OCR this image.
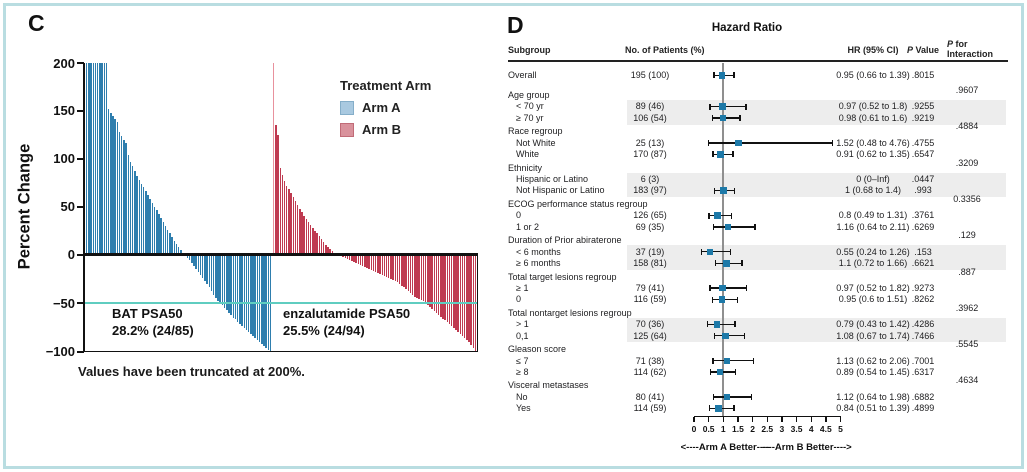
C
Percent Change
200
150
100
50
0
−50
−100
Treatment Arm
Arm A
Arm B
BAT PSA50
28.2% (24/85)
enzalutamide PSA50
25.5% (24/94)
Values have been truncated at 200%.
D	Hazard Ratio
Subgroup	No. of Patients (%)	HR (95% CI) P Value
P for
Interaction
Overall	195 (100)	0.95 (0.66 to 1.39) .8015
Age group	.9607
< 70 yr	89 (46)	0.97 (0.52 to 1.8) .9255
≥ 70 yr	106 (54)	0.98 (0.61 to 1.6) .9219
Race regroup	.4884
Not White	25 (13)	1.52 (0.48 to 4.76) .4755
White	170 (87)	0.91 (0.62 to 1.35) .6547
Ethnicity	.3209
Hispanic or Latino	6 (3)	0 (0–Inf)	.0447
Not Hispanic or Latino	183 (97)	1 (0.68 to 1.4)	.993
ECOG performance status regroup	0.3356
0	126 (65)	0.8 (0.49 to 1.31) .3761
1 or 2	69 (35)	1.16 (0.64 to 2.11) .6269
Duration of Prior abiraterone	.129
< 6 months	37 (19)	0.55 (0.24 to 1.26) .153
≥ 6 months	158 (81)	1.1 (0.72 to 1.66) .6621
Total target lesions regroup	.887
≥ 1	79 (41)	0.97 (0.52 to 1.82) .9273
0	116 (59)	0.95 (0.6 to 1.51) .8262
Total nontarget lesions regroup	.3962
> 1	70 (36)	0.79 (0.43 to 1.42) .4286
0,1	125 (64)	1.08 (0.67 to 1.74) .7466
Gleason score	.5545
≤ 7	71 (38)	1.13 (0.62 to 2.06) .7001
≥ 8	114 (62)	0.89 (0.54 to 1.45) .6317
Visceral metastases	.4634
No	80 (41)	1.12 (0.64 to 1.98) .6882
Yes	114 (59)	0.84 (0.51 to 1.39) .4899
0 0.5 1 1.5 2 2.5 3 3.5 4 4.5 5
<----Arm A Better----
----Arm B Better---->
